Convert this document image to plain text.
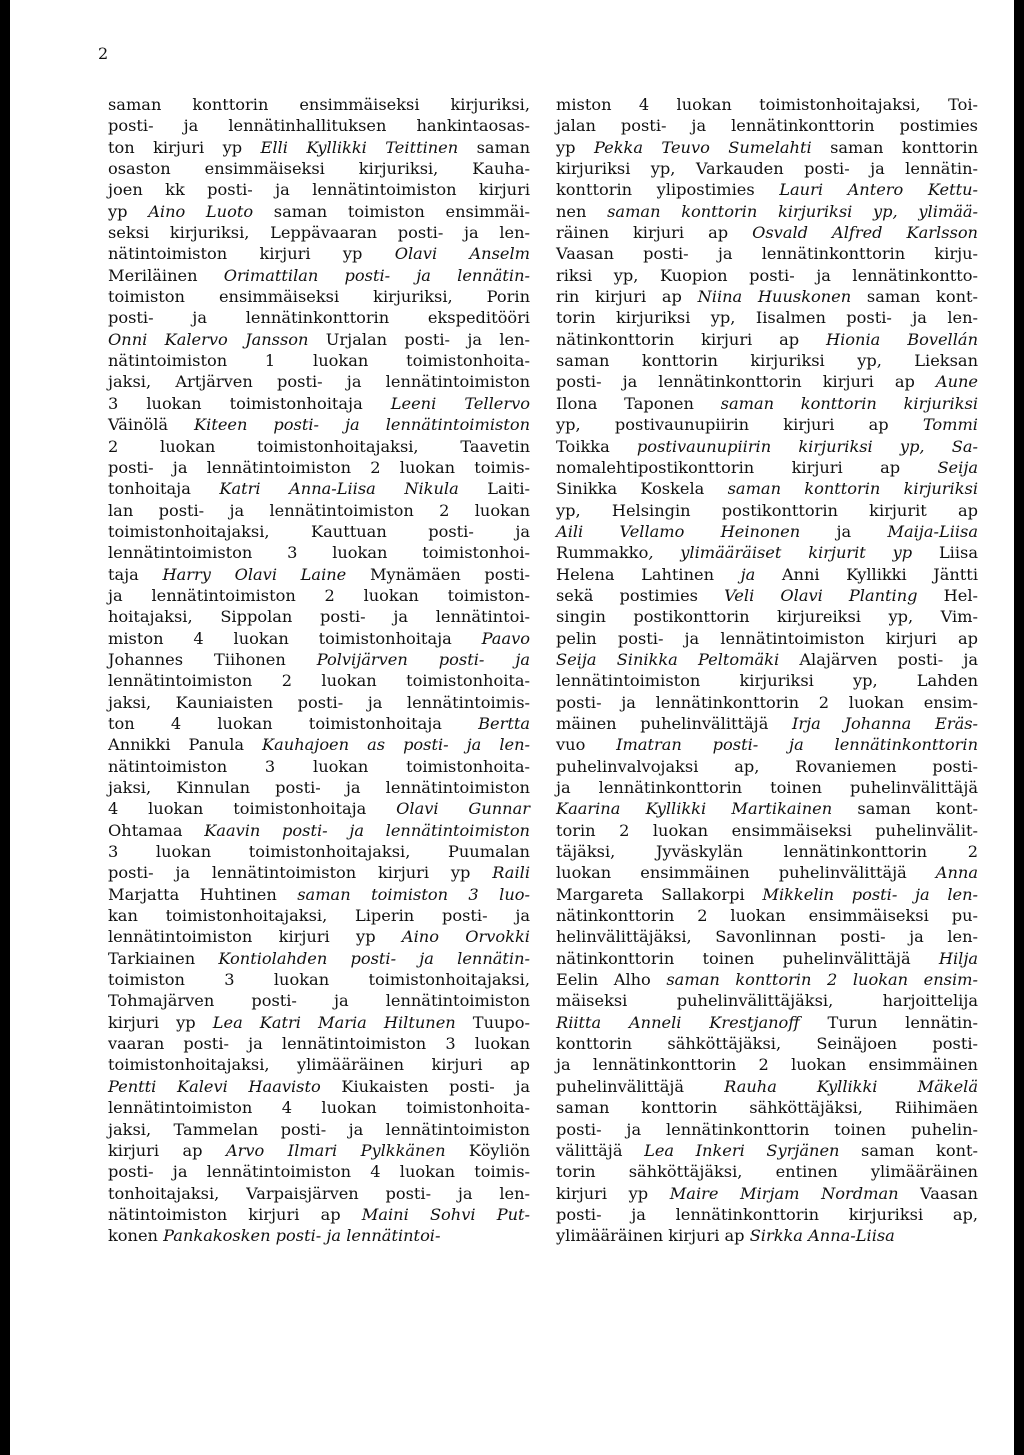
2
saman konttorin ensimmäiseksi kirjuriksi,
posti- ja lennätinhallituksen hankintaosas-
ton kirjuri yp Elli Kyllikki Teittinen saman
osaston ensimmäiseksi kirjuriksi, Kauha-
joen kk posti- ja lennätintoimiston kirjuri
yp Aino Luoto saman toimiston ensimmäi-
seksi kirjuriksi, Leppävaaran posti- ja len-
nätintoimiston kirjuri yp Olavi Anselm
Meriläinen Orimattilan posti- ja lennätin-
toimiston ensimmäiseksi kirjuriksi, Porin
posti- ja lennätinkonttorin ekspeditööri
Onni Kalervo Jansson Urjalan posti- ja len-
nätintoimiston 1 luokan toimistonhoita-
jaksi, Artjärven posti- ja lennätintoimiston
3 luokan toimistonhoitaja Leeni Tellervo
Väinölä Kiteen posti- ja lennätintoimiston
2 luokan toimistonhoitajaksi, Taavetin
posti- ja lennätintoimiston 2 luokan toimis-
tonhoitaja Katri Anna-Liisa Nikula Laiti-
lan posti- ja lennätintoimiston 2 luokan
toimistonhoitajaksi, Kauttuan posti- ja
lennätintoimiston 3 luokan toimistonhoi-
taja Harry Olavi Laine Mynämäen posti-
ja lennätintoimiston 2 luokan toimiston-
hoitajaksi, Sippolan posti- ja lennätintoi-
miston 4 luokan toimistonhoitaja Paavo
Johannes Tiihonen Polvijärven posti- ja
lennätintoimiston 2 luokan toimistonhoita-
jaksi, Kauniaisten posti- ja lennätintoimis-
ton 4 luokan toimistonhoitaja Bertta
Annikki Panula Kauhajoen as posti- ja len-
nätintoimiston 3 luokan toimistonhoita-
jaksi, Kinnulan posti- ja lennätintoimiston
4 luokan toimistonhoitaja Olavi Gunnar
Ohtamaa Kaavin posti- ja lennätintoimiston
3 luokan toimistonhoitajaksi, Puumalan
posti- ja lennätintoimiston kirjuri yp Raili
Marjatta Huhtinen saman toimiston 3 luo-
kan toimistonhoitajaksi, Liperin posti- ja
lennätintoimiston kirjuri yp Aino Orvokki
Tarkiainen Kontiolahden posti- ja lennätin-
toimiston 3 luokan toimistonhoitajaksi,
Tohmajärven posti- ja lennätintoimiston
kirjuri yp Lea Katri Maria Hiltunen Tuupo-
vaaran posti- ja lennätintoimiston 3 luokan
toimistonhoitajaksi, ylimääräinen kirjuri ap
Pentti Kalevi Haavisto Kiukaisten posti- ja
lennätintoimiston 4 luokan toimistonhoita-
jaksi, Tammelan posti- ja lennätintoimiston
kirjuri ap Arvo Ilmari Pylkkänen Köyliön
posti- ja lennätintoimiston 4 luokan toimis-
tonhoitajaksi, Varpaisjärven posti- ja len-
nätintoimiston kirjuri ap Maini Sohvi Put-
konen Pankakosken posti- ja lennätintoi-
miston 4 luokan toimistonhoitajaksi, Toi-
jalan posti- ja lennätinkonttorin postimies
yp Pekka Teuvo Sumelahti saman konttorin
kirjuriksi yp, Varkauden posti- ja lennätin-
konttorin ylipostimies Lauri Antero Kettu-
nen saman konttorin kirjuriksi yp, ylimää-
räinen kirjuri ap Osvald Alfred Karlsson
Vaasan posti- ja lennätinkonttorin kirju-
riksi yp, Kuopion posti- ja lennätinkontto-
rin kirjuri ap Niina Huuskonen saman kont-
torin kirjuriksi yp, Iisalmen posti- ja len-
nätinkonttorin kirjuri ap Hionia Bovellán
saman konttorin kirjuriksi yp, Lieksan
posti- ja lennätinkonttorin kirjuri ap Aune
Ilona Taponen saman konttorin kirjuriksi
yp, postivaunupiirin kirjuri ap Tommi
Toikka postivaunupiirin kirjuriksi yp, Sa-
nomalehtipostikonttorin kirjuri ap Seija
Sinikka Koskela saman konttorin kirjuriksi
yp, Helsingin postikonttorin kirjurit ap
Aili Vellamo Heinonen ja Maija-Liisa
Rummakko, ylimääräiset kirjurit yp Liisa
Helena Lahtinen ja Anni Kyllikki Jäntti
sekä postimies Veli Olavi Planting Hel-
singin postikonttorin kirjureiksi yp, Vim-
pelin posti- ja lennätintoimiston kirjuri ap
Seija Sinikka Peltomäki Alajärven posti- ja
lennätintoimiston kirjuriksi yp, Lahden
posti- ja lennätinkonttorin 2 luokan ensim-
mäinen puhelinvälittäjä Irja Johanna Eräs-
vuo Imatran posti- ja lennätinkonttorin
puhelinvalvojaksi ap, Rovaniemen posti-
ja lennätinkonttorin toinen puhelinvälittäjä
Kaarina Kyllikki Martikainen saman kont-
torin 2 luokan ensimmäiseksi puhelinvälit-
täjäksi, Jyväskylän lennätinkonttorin 2
luokan ensimmäinen puhelinvälittäjä Anna
Margareta Sallakorpi Mikkelin posti- ja len-
nätinkonttorin 2 luokan ensimmäiseksi pu-
helinvälittäjäksi, Savonlinnan posti- ja len-
nätinkonttorin toinen puhelinvälittäjä Hilja
Eelin Alho saman konttorin 2 luokan ensim-
mäiseksi puhelinvälittäjäksi, harjoittelija
Riitta Anneli Krestjanoff Turun lennätin-
konttorin sähköttäjäksi, Seinäjoen posti-
ja lennätinkonttorin 2 luokan ensimmäinen
puhelinvälittäjä Rauha Kyllikki Mäkelä
saman konttorin sähköttäjäksi, Riihimäen
posti- ja lennätinkonttorin toinen puhelin-
välittäjä Lea Inkeri Syrjänen saman kont-
torin sähköttäjäksi, entinen ylimääräinen
kirjuri yp Maire Mirjam Nordman Vaasan
posti- ja lennätinkonttorin kirjuriksi ap,
ylimääräinen kirjuri ap Sirkka Anna-Liisa
